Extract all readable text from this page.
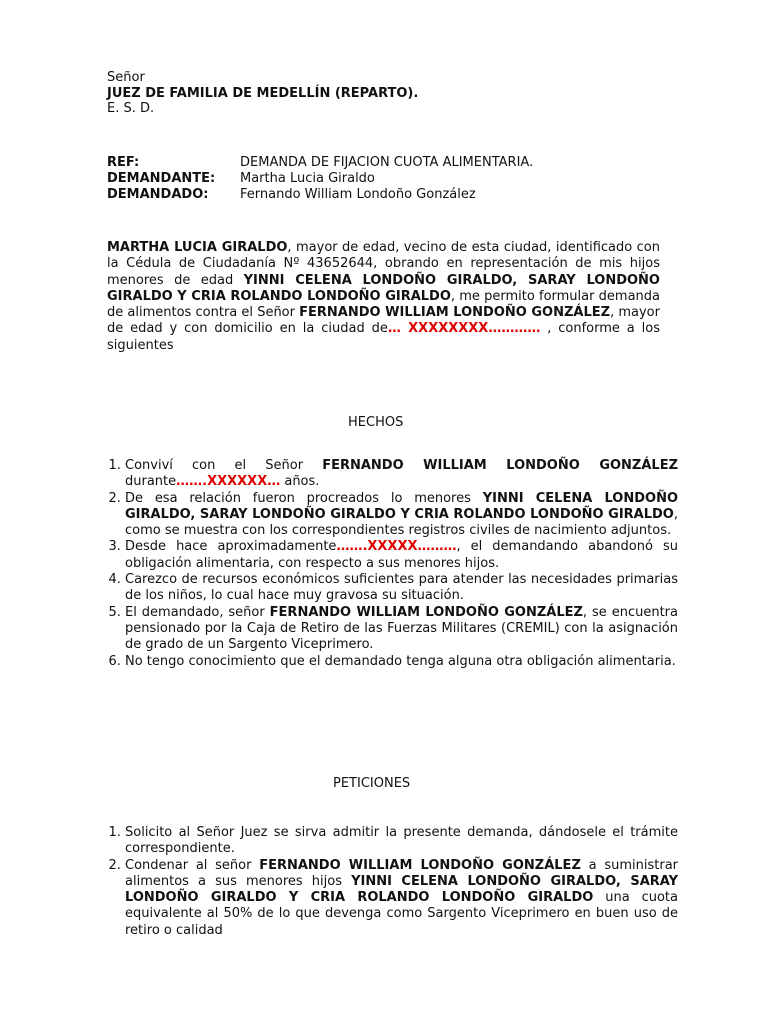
Señor
JUEZ DE FAMILIA DE MEDELLÍN (REPARTO).
E. S. D.
REF:	DEMANDA DE FIJACION CUOTA ALIMENTARIA.
DEMANDANTE:	Martha Lucia Giraldo
DEMANDADO:	Fernando William Londoño González
MARTHA LUCIA GIRALDO, mayor de edad, vecino de esta ciudad, identificado con la Cédula de Ciudadanía Nº 43652644, obrando en representación de mis hijos menores de edad YINNI CELENA LONDOÑO GIRALDO, SARAY LONDOÑO GIRALDO Y CRIA ROLANDO LONDOÑO GIRALDO, me permito formular demanda de alimentos contra el Señor FERNANDO WILLIAM LONDOÑO GONZÁLEZ, mayor de edad y con domicilio en la ciudad de… XXXXXXXX………… , conforme a los siguientes
HECHOS
1. Conviví con el Señor FERNANDO WILLIAM LONDOÑO GONZÁLEZ durante…….XXXXXX… años.
2. De esa relación fueron procreados lo menores YINNI CELENA LONDOÑO GIRALDO, SARAY LONDOÑO GIRALDO Y CRIA ROLANDO LONDOÑO GIRALDO, como se muestra con los correspondientes registros civiles de nacimiento adjuntos.
3. Desde hace aproximadamente…….XXXXX………, el demandando abandonó su obligación alimentaria, con respecto a sus menores hijos.
4. Carezco de recursos económicos suficientes para atender las necesidades primarias de los niños, lo cual hace muy gravosa su situación.
5. El demandado, señor FERNANDO WILLIAM LONDOÑO GONZÁLEZ, se encuentra pensionado por la Caja de Retiro de las Fuerzas Militares (CREMIL) con la asignación de grado de un Sargento Viceprimero.
6. No tengo conocimiento que el demandado tenga alguna otra obligación alimentaria.
PETICIONES
1. Solicito al Señor Juez se sirva admitir la presente demanda, dándosele el trámite correspondiente.
2. Condenar al señor FERNANDO WILLIAM LONDOÑO GONZÁLEZ a suministrar alimentos a sus menores hijos YINNI CELENA LONDOÑO GIRALDO, SARAY LONDOÑO GIRALDO Y CRIA ROLANDO LONDOÑO GIRALDO una cuota equivalente al 50% de lo que devenga como Sargento Viceprimero en buen uso de retiro o calidad
